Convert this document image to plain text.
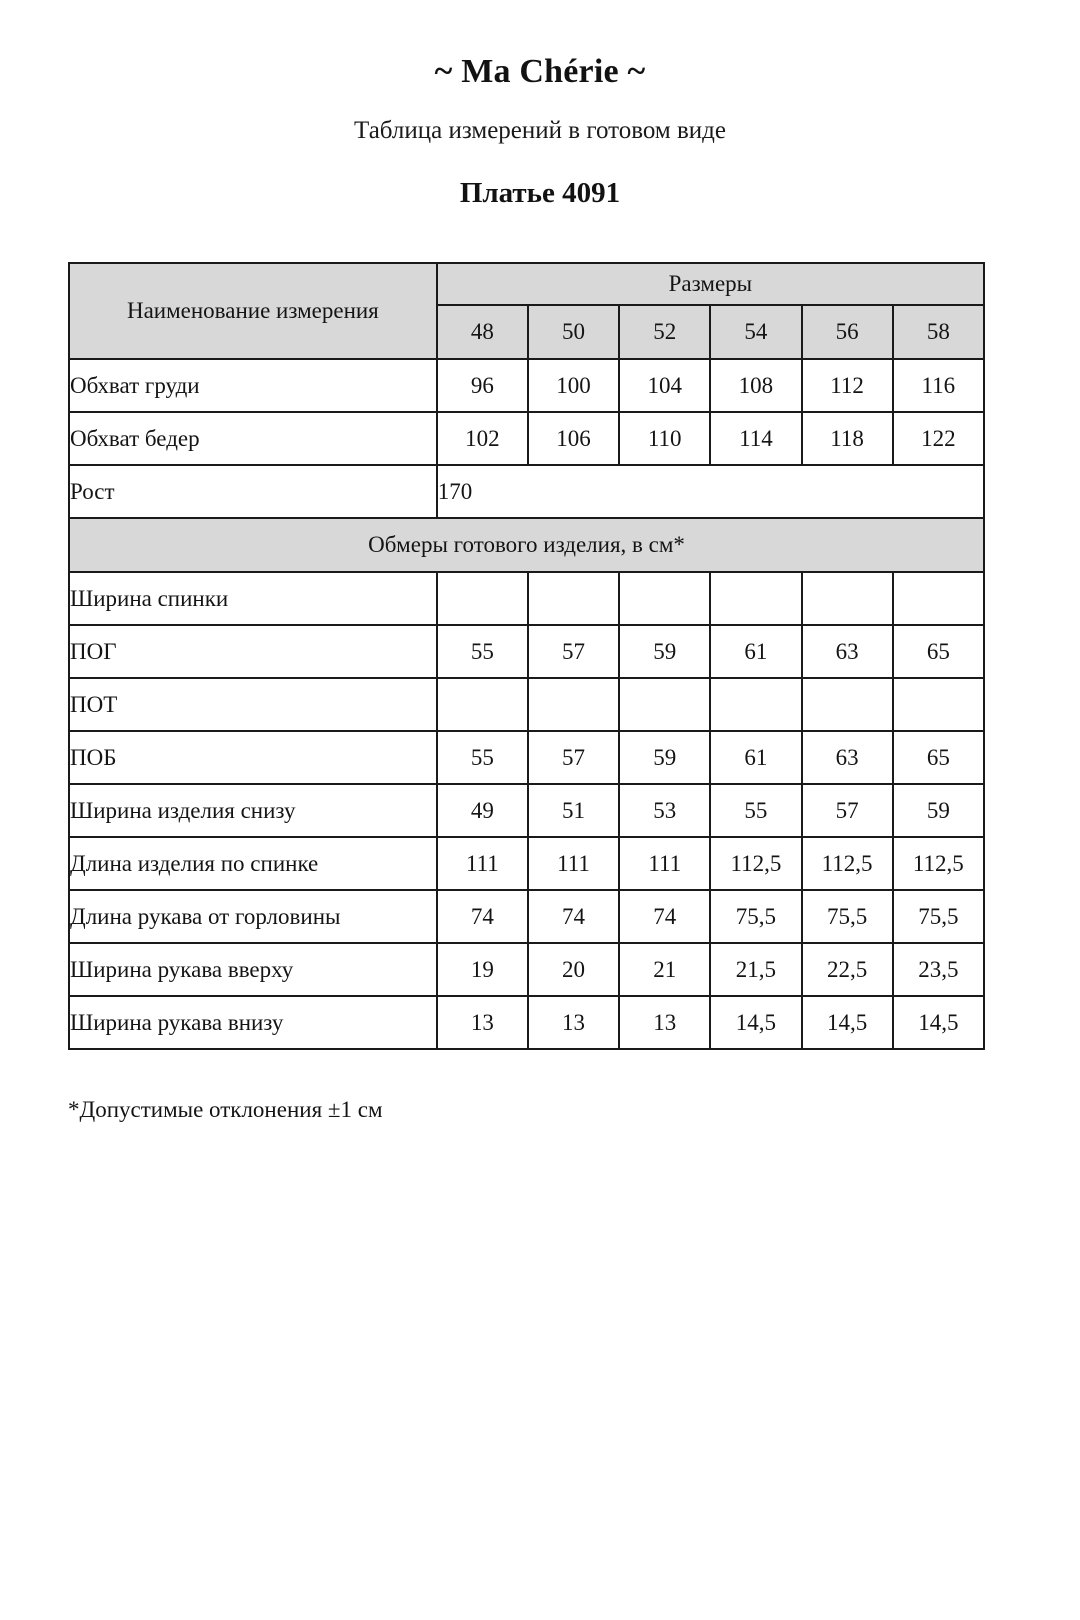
~ Ma Chérie ~
Таблица измерений в готовом виде
Платье 4091
Наименование измерения	Размеры					
	48	50	52	54	56	58
Обхват груди	96	100	104	108	112	116
Обхват бедер	102	106	110	114	118	122
Рост	170					
Обмеры готового изделия, в см*						
Ширина спинки						
ПОГ	55	57	59	61	63	65
ПОТ						
ПОБ	55	57	59	61	63	65
Ширина изделия снизу	49	51	53	55	57	59
Длина изделия по спинке	111	111	111	112,5	112,5	112,5
Длина рукава от горловины	74	74	74	75,5	75,5	75,5
Ширина рукава вверху	19	20	21	21,5	22,5	23,5
Ширина рукава внизу	13	13	13	14,5	14,5	14,5
*Допустимые отклонения ±1 см
